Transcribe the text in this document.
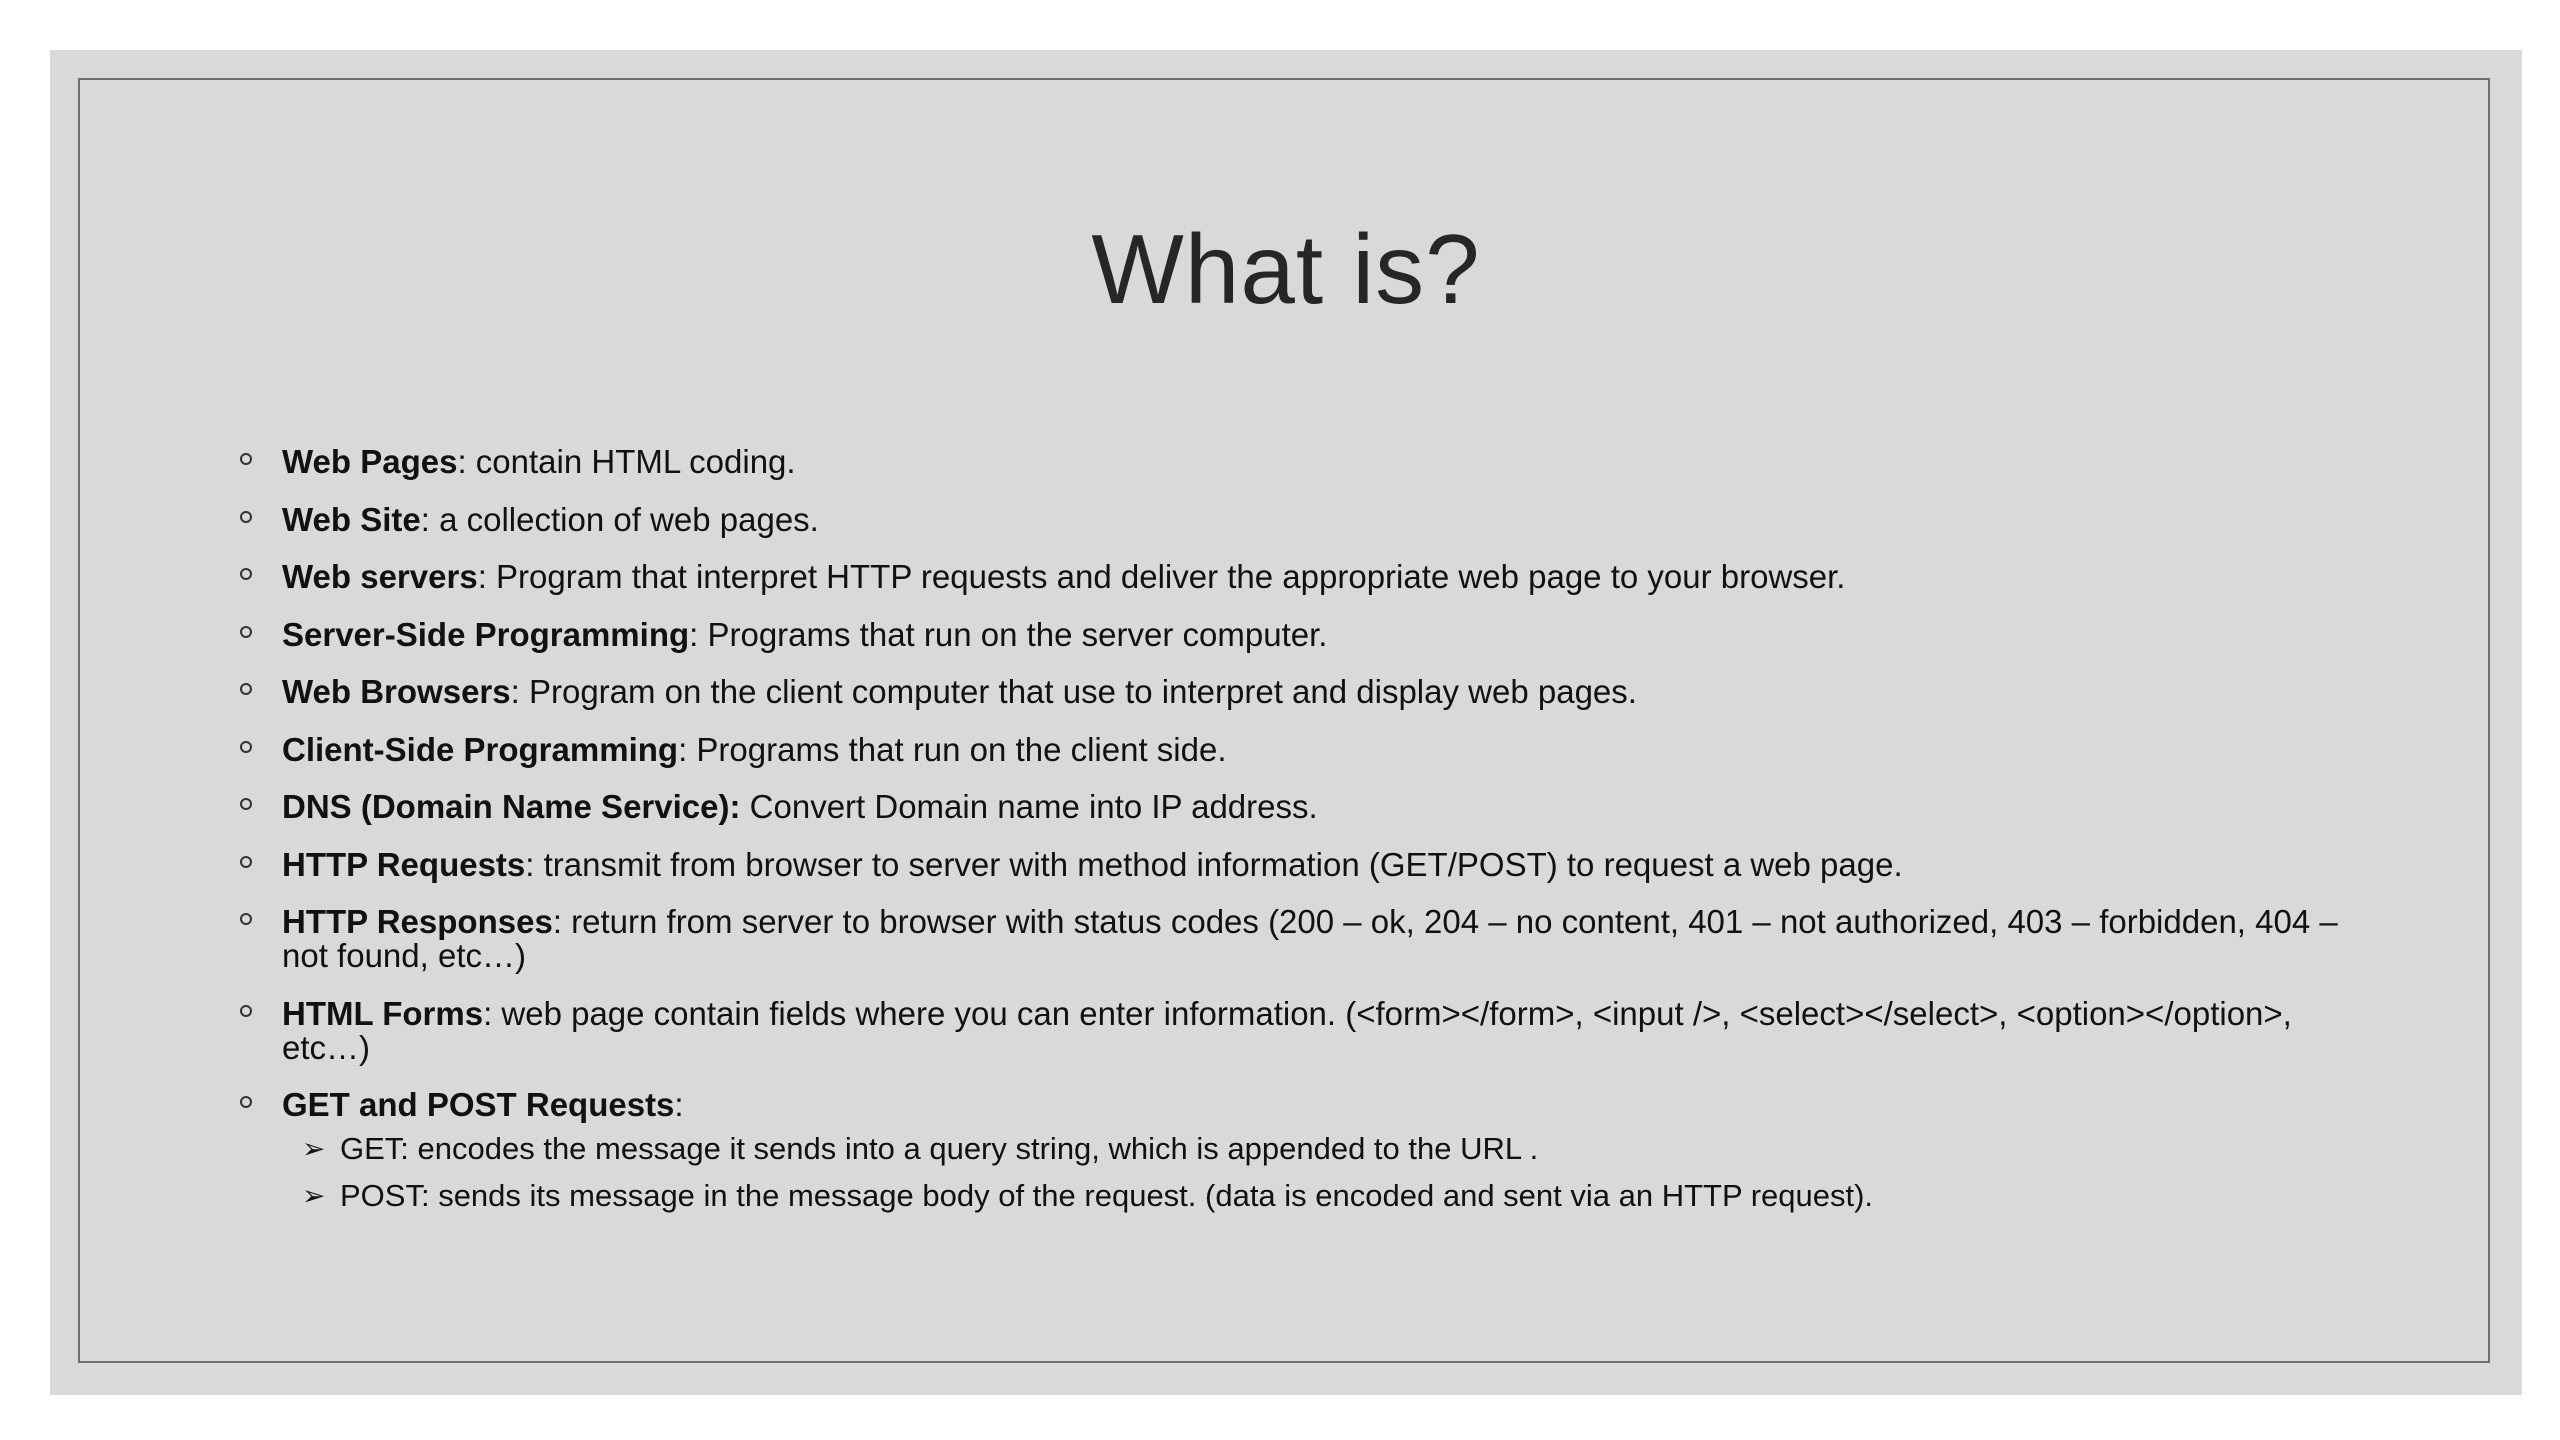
What is?
Web Pages: contain HTML coding.
Web Site: a collection of web pages.
Web servers: Program that interpret HTTP requests and deliver the appropriate web page to your browser.
Server-Side Programming: Programs that run on the server computer.
Web Browsers: Program on the client computer that use to interpret and display web pages.
Client-Side Programming: Programs that run on the client side.
DNS (Domain Name Service): Convert Domain name into IP address.
HTTP Requests: transmit from browser to server with method information (GET/POST) to request a web page.
HTTP Responses: return from server to browser with status codes (200 – ok, 204 – no content, 401 – not authorized, 403 – forbidden, 404 – not found, etc…)
HTML Forms: web page contain fields where you can enter information. (<form></form>, <input />, <select></select>, <option></option>, etc…)
GET and POST Requests:
➢ GET: encodes the message it sends into a query string, which is appended to the URL .
➢ POST: sends its message in the message body of the request. (data is encoded and sent via an HTTP request).
